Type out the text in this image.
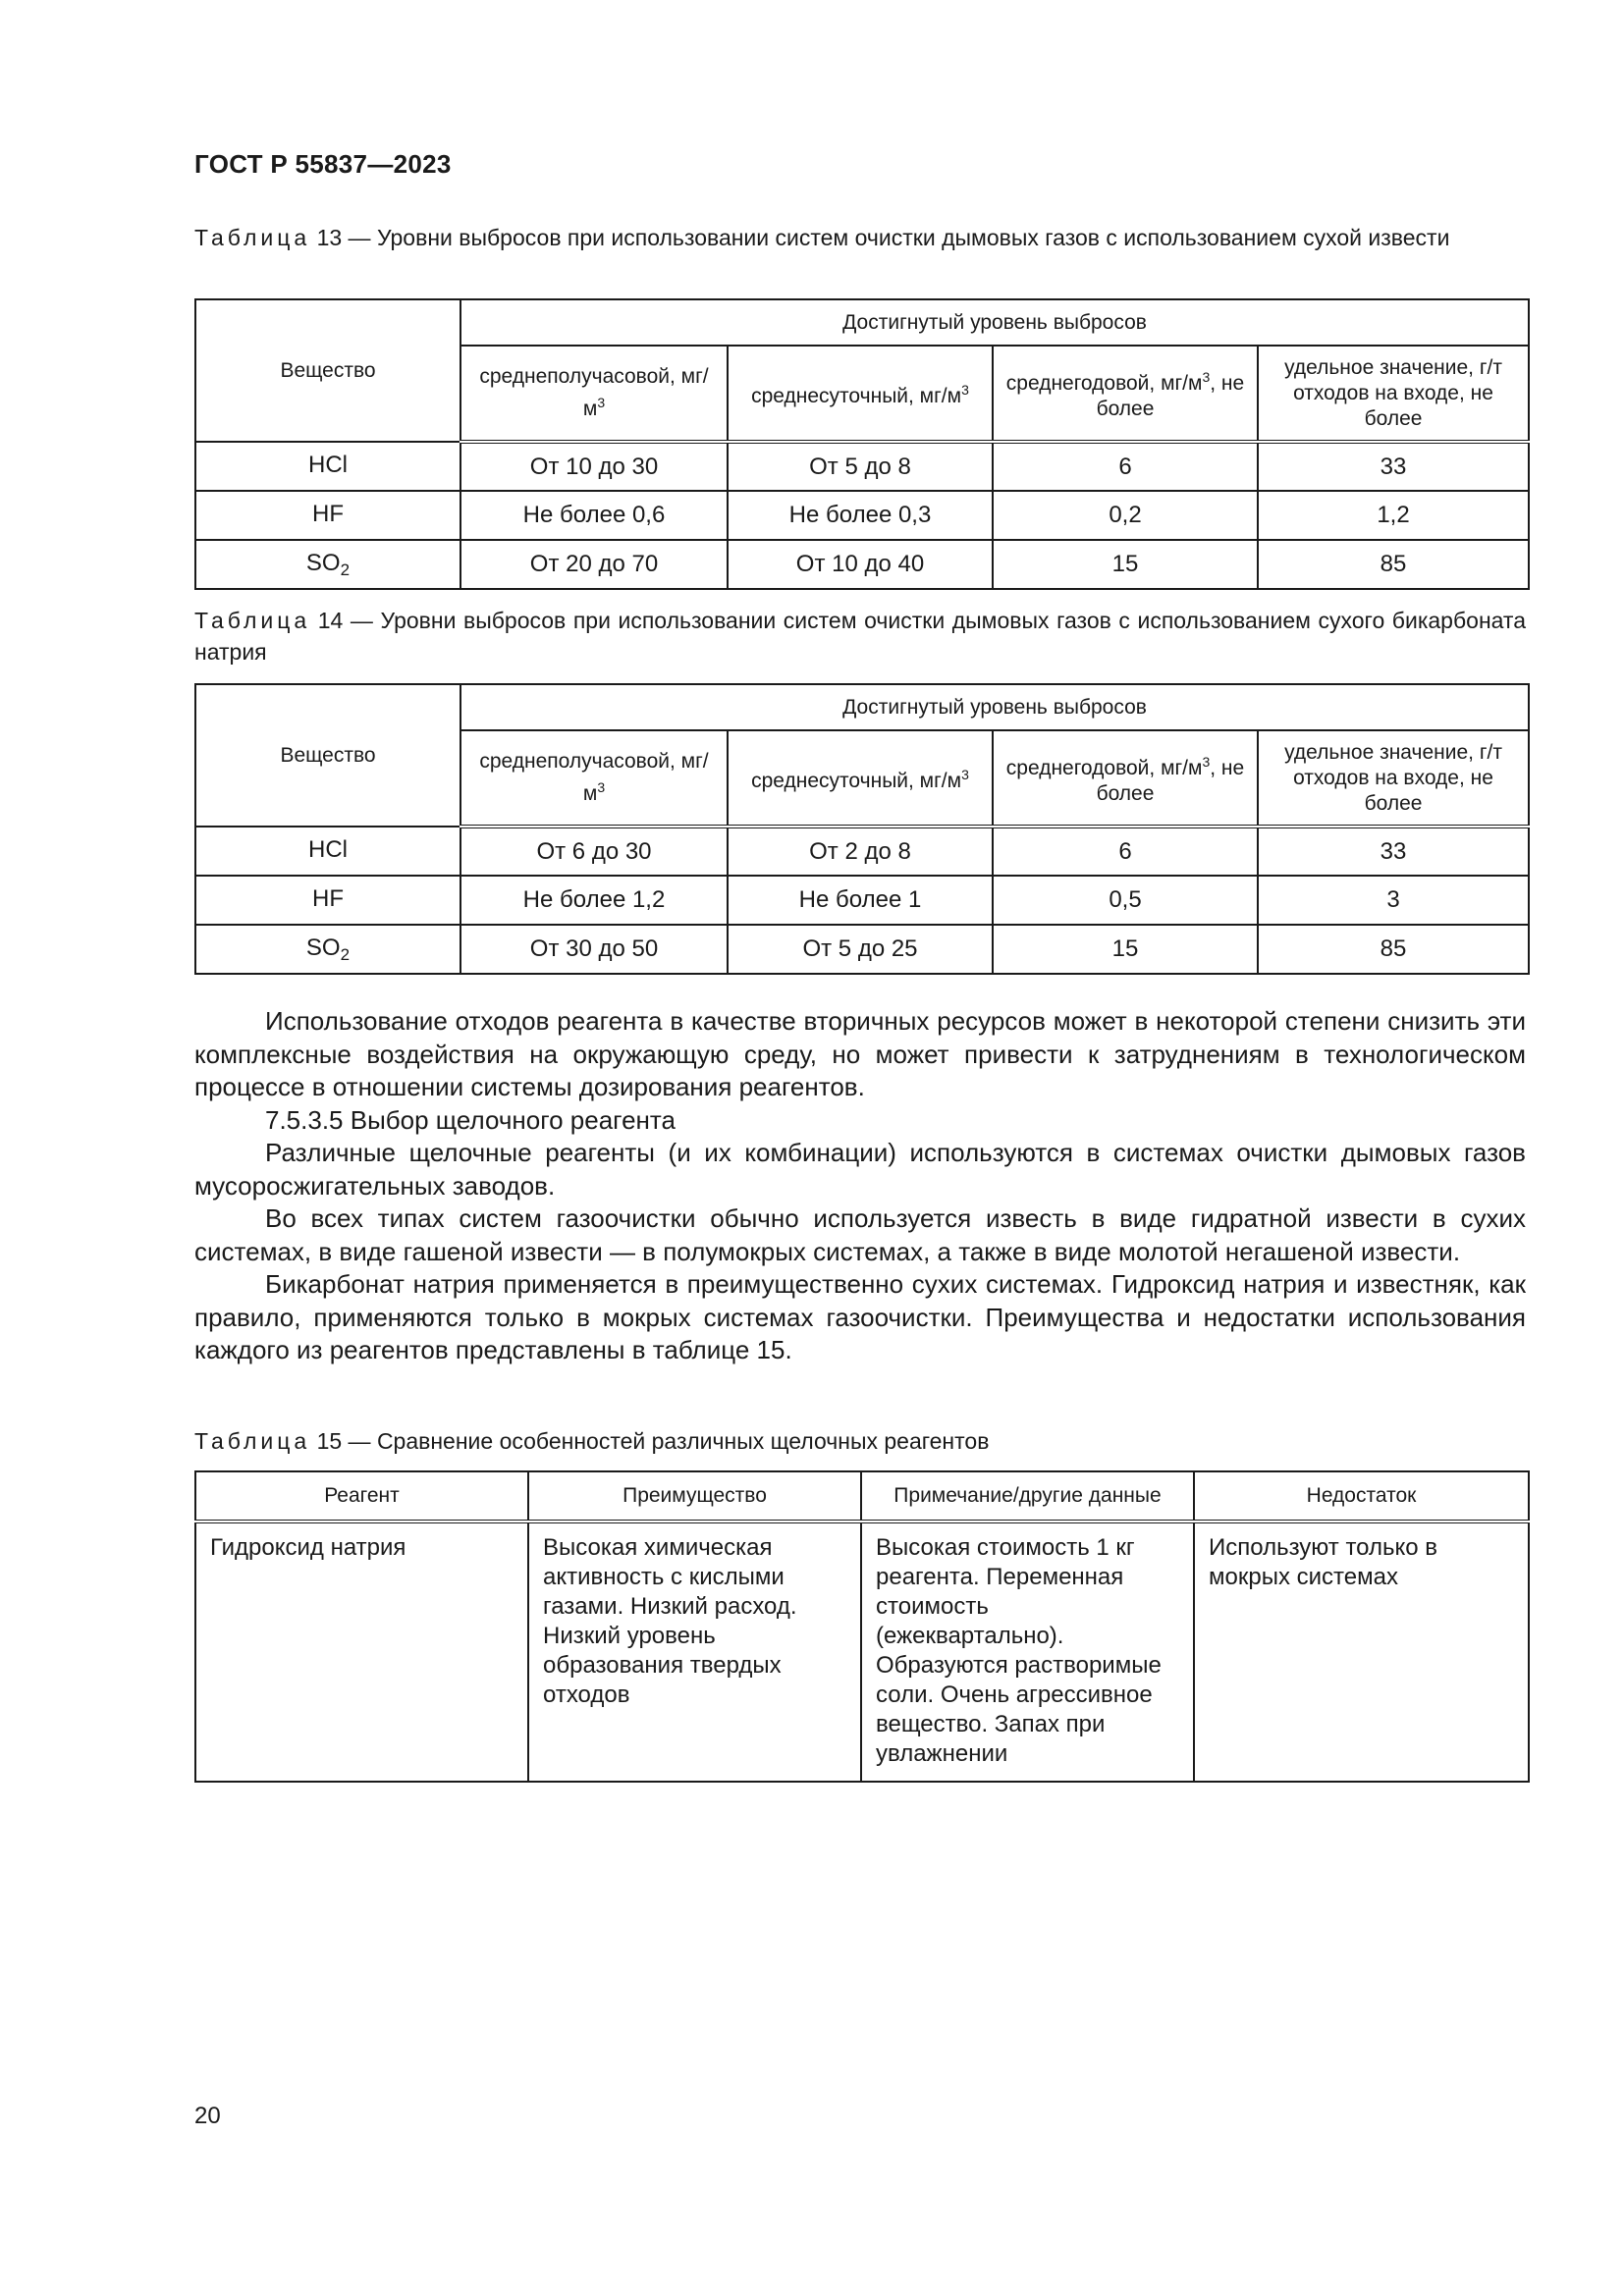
ГОСТ Р 55837—2023
Таблица 13 — Уровни выбросов при использовании систем очистки дымовых газов с использованием сухой извести
Вещество	Достигнутый уровень выбросов			
	среднеполучасовой, $мг/м^3$	среднесуточный, $мг/м^3$	среднегодовой, $мг/м^3$, не более	удельное значение, г/т отходов на входе, не более
HCl	От 10 до 30	От 5 до 8	6	33
HF	Не более 0,6	Не более 0,3	0,2	1,2
$SO_2$	От 20 до 70	От 10 до 40	15	85
Таблица 14 — Уровни выбросов при использовании систем очистки дымовых газов с использованием сухого бикарбоната натрия
Вещество	Достигнутый уровень выбросов			
	среднеполучасовой, $мг/м^3$	среднесуточный, $мг/м^3$	среднегодовой, $мг/м^3$, не более	удельное значение, г/т отходов на входе, не более
HCl	От 6 до 30	От 2 до 8	6	33
HF	Не более 1,2	Не более 1	0,5	3
$SO_2$	От 30 до 50	От 5 до 25	15	85

Использование отходов реагента в качестве вторичных ресурсов может в некоторой степени снизить эти комплексные воздействия на окружающую среду, но может привести к затруднениям в технологическом процессе в отношении системы дозирования реагентов.

7.5.3.5 Выбор щелочного реагента

Различные щелочные реагенты (и их комбинации) используются в системах очистки дымовых газов мусоросжигательных заводов.

Во всех типах систем газоочистки обычно используется известь в виде гидратной извести в сухих системах, в виде гашеной извести — в полумокрых системах, а также в виде молотой негашеной извести.

Бикарбонат натрия применяется в преимущественно сухих системах. Гидроксид натрия и известняк, как правило, применяются только в мокрых системах газоочистки. Преимущества и недостатки использования каждого из реагентов представлены в таблице 15.

Таблица 15 — Сравнение особенностей различных щелочных реагентов
Реагент	Преимущество	Примечание/другие данные	Недостаток
Гидроксид натрия	Высокая химическая активность с кислыми газами. Низкий расход. Низкий уровень образования твердых отходов	Высокая стоимость 1 кг реагента. Переменная стоимость (ежеквартально). Образуются растворимые соли. Очень агрессивное вещество. Запах при увлажнении	Используют только в мокрых системах
20
